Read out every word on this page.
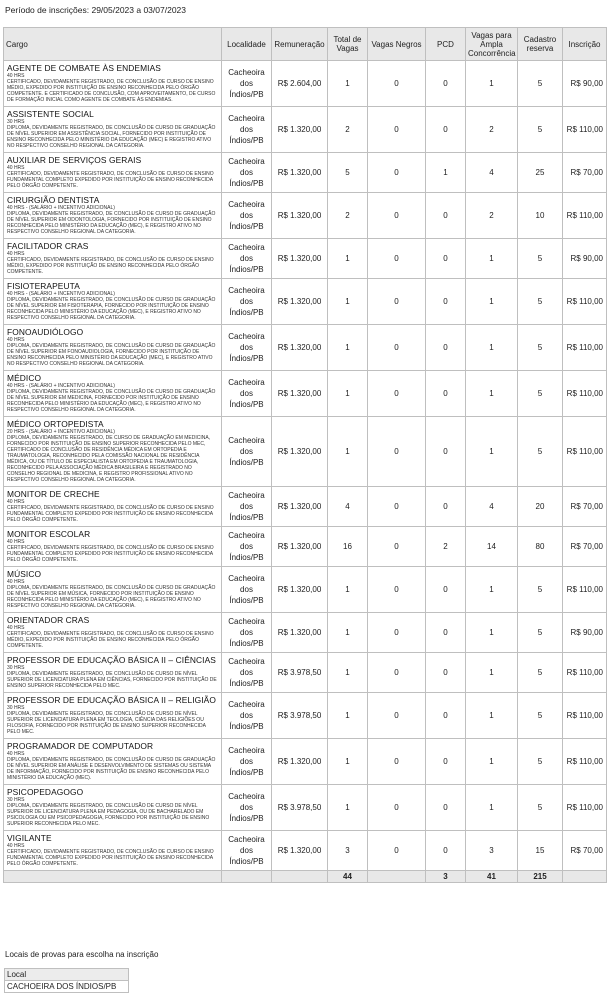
Período de inscrições: 29/05/2023 a 03/07/2023
Cargo	Localidade	Remuneração	Total de Vagas	Vagas Negros	PCD	Vagas para Ampla Concorrência	Cadastro reserva	Inscrição

AGENTE DE COMBATE ÀS ENDEMIAS
40 HRS
CERTIFICADO, DEVIDAMENTE REGISTRADO, DE CONCLUSÃO DE CURSO DE ENSINO MÉDIO, EXPEDIDO POR INSTITUIÇÃO DE ENSINO RECONHECIDA PELO ÓRGÃO COMPETENTE. E CERTIFICADO DE CONCLUSÃO, COM APROVEITAMENTO, DE CURSO DE FORMAÇÃO INICIAL COMO AGENTE DE COMBATE ÀS ENDEMIAS.	Cacheoira dos Índios/PB	R$ 2.604,00	1	0	0	1	5	R$ 90,00

ASSISTENTE SOCIAL
30 HRS
DIPLOMA, DEVIDAMENTE REGISTRADO, DE CONCLUSÃO DE CURSO DE GRADUAÇÃO DE NÍVEL SUPERIOR EM ASSISTÊNCIA SOCIAL, FORNECIDO POR INSTITUIÇÃO DE ENSINO RECONHECIDA PELO MINISTÉRIO DA EDUCAÇÃO (MEC) E REGISTRO ATIVO NO RESPECTIVO CONSELHO REGIONAL DA CATEGORIA.	Cacheoira dos Índios/PB	R$ 1.320,00	2	0	0	2	5	R$ 110,00

AUXILIAR DE SERVIÇOS GERAIS
40 HRS
CERTIFICADO, DEVIDAMENTE REGISTRADO, DE CONCLUSÃO DE CURSO DE ENSINO FUNDAMENTAL COMPLETO EXPEDIDO POR INSTITUIÇÃO DE ENSINO RECONHECIDA PELO ÓRGÃO COMPETENTE.	Cacheoira dos Índios/PB	R$ 1.320,00	5	0	1	4	25	R$ 70,00

CIRURGIÃO DENTISTA
40 HRS - (SALÁRIO + INCENTIVO ADICIONAL)
DIPLOMA, DEVIDAMENTE REGISTRADO, DE CONCLUSÃO DE CURSO DE GRADUAÇÃO DE NÍVEL SUPERIOR EM ODONTOLOGIA, FORNECIDO POR INSTITUIÇÃO DE ENSINO RECONHECIDA PELO MINISTÉRIO DA EDUCAÇÃO (MEC), E REGISTRO ATIVO NO RESPECTIVO CONSELHO REGIONAL DA CATEGORIA.	Cacheoira dos Índios/PB	R$ 1.320,00	2	0	0	2	10	R$ 110,00

FACILITADOR CRAS
40 HRS
CERTIFICADO, DEVIDAMENTE REGISTRADO, DE CONCLUSÃO DE CURSO DE ENSINO MÉDIO, EXPEDIDO POR INSTITUIÇÃO DE ENSINO RECONHECIDA PELO ÓRGÃO COMPETENTE.	Cacheoira dos Índios/PB	R$ 1.320,00	1	0	0	1	5	R$ 90,00

FISIOTERAPEUTA
40 HRS - (SALÁRIO + INCENTIVO ADICIONAL)
DIPLOMA, DEVIDAMENTE REGISTRADO, DE CONCLUSÃO DE CURSO DE GRADUAÇÃO DE NÍVEL SUPERIOR EM FISIOTERAPIA, FORNECIDO POR INSTITUIÇÃO DE ENSINO RECONHECIDA PELO MINISTÉRIO DA EDUCAÇÃO (MEC), E REGISTRO ATIVO NO RESPECTIVO CONSELHO REGIONAL DA CATEGORIA.	Cacheoira dos Índios/PB	R$ 1.320,00	1	0	0	1	5	R$ 110,00

FONOAUDIÓLOGO
40 HRS
DIPLOMA, DEVIDAMENTE REGISTRADO, DE CONCLUSÃO DE CURSO DE GRADUAÇÃO DE NÍVEL SUPERIOR EM FONOAUDIOLOGIA, FORNECIDO POR INSTITUIÇÃO DE ENSINO RECONHECIDA PELO MINISTÉRIO DA EDUCAÇÃO (MEC), E REGISTRO ATIVO NO RESPECTIVO CONSELHO REGIONAL DA CATEGORIA.	Cacheoira dos Índios/PB	R$ 1.320,00	1	0	0	1	5	R$ 110,00

MÉDICO
40 HRS - (SALÁRIO + INCENTIVO ADICIONAL)
DIPLOMA, DEVIDAMENTE REGISTRADO, DE CONCLUSÃO DE CURSO DE GRADUAÇÃO DE NÍVEL SUPERIOR EM MEDICINA, FORNECIDO POR INSTITUIÇÃO DE ENSINO RECONHECIDA PELO MINISTÉRIO DA EDUCAÇÃO (MEC), E REGISTRO ATIVO NO RESPECTIVO CONSELHO REGIONAL DA CATEGORIA.	Cacheoira dos Índios/PB	R$ 1.320,00	1	0	0	1	5	R$ 110,00

MÉDICO ORTOPEDISTA
20 HRS - (SALÁRIO + INCENTIVO ADICIONAL)
DIPLOMA, DEVIDAMENTE REGISTRADO, DE CURSO DE GRADUAÇÃO EM MEDICINA, FORNECIDO POR INSTITUIÇÃO DE ENSINO SUPERIOR RECONHECIDA PELO MEC, CERTIFICADO DE CONCLUSÃO DE RESIDÊNCIA MÉDICA EM ORTOPEDIA E TRAUMATOLOGIA, RECONHECIDO PELA COMISSÃO NACIONAL DE RESIDÊNCIA MÉDICA, OU DE TÍTULO DE ESPECIALISTA EM ORTOPEDIA E TRAUMATOLOGIA, RECONHECIDO PELA ASSOCIAÇÃO MÉDICA BRASILEIRA E REGISTRADO NO CONSELHO REGIONAL DE MEDICINA, E REGISTRO PROFISSIONAL ATIVO NO RESPECTIVO CONSELHO REGIONAL DA CATEGORIA.	Cacheoira dos Índios/PB	R$ 1.320,00	1	0	0	1	5	R$ 110,00

MONITOR DE CRECHE
40 HRS
CERTIFICADO, DEVIDAMENTE REGISTRADO, DE CONCLUSÃO DE CURSO DE ENSINO FUNDAMENTAL COMPLETO EXPEDIDO POR INSTITUIÇÃO DE ENSINO RECONHECIDA PELO ÓRGÃO COMPETENTE.	Cacheoira dos Índios/PB	R$ 1.320,00	4	0	0	4	20	R$ 70,00

MONITOR ESCOLAR
40 HRS
CERTIFICADO, DEVIDAMENTE REGISTRADO, DE CONCLUSÃO DE CURSO DE ENSINO FUNDAMENTAL COMPLETO EXPEDIDO POR INSTITUIÇÃO DE ENSINO RECONHECIDA PELO ÓRGÃO COMPETENTE.	Cacheoira dos Índios/PB	R$ 1.320,00	16	0	2	14	80	R$ 70,00

MÚSICO
40 HRS
DIPLOMA, DEVIDAMENTE REGISTRADO, DE CONCLUSÃO DE CURSO DE GRADUAÇÃO DE NÍVEL SUPERIOR EM MÚSICA, FORNECIDO POR INSTITUIÇÃO DE ENSINO RECONHECIDA PELO MINISTÉRIO DA EDUCAÇÃO (MEC), E REGISTRO ATIVO NO RESPECTIVO CONSELHO REGIONAL DA CATEGORIA.	Cacheoira dos Índios/PB	R$ 1.320,00	1	0	0	1	5	R$ 110,00

ORIENTADOR CRAS
40 HRS
CERTIFICADO, DEVIDAMENTE REGISTRADO, DE CONCLUSÃO DE CURSO DE ENSINO MÉDIO, EXPEDIDO POR INSTITUIÇÃO DE ENSINO RECONHECIDA PELO ÓRGÃO COMPETENTE.	Cacheoira dos Índios/PB	R$ 1.320,00	1	0	0	1	5	R$ 90,00

PROFESSOR DE EDUCAÇÃO BÁSICA II – CIÊNCIAS
30 HRS
DIPLOMA, DEVIDAMENTE REGISTRADO, DE CONCLUSÃO DE CURSO DE NÍVEL SUPERIOR DE LICENCIATURA PLENA EM CIÊNCIAS, FORNECIDO POR INSTITUIÇÃO DE ENSINO SUPERIOR RECONHECIDA PELO MEC.	Cacheoira dos Índios/PB	R$ 3.978,50	1	0	0	1	5	R$ 110,00

PROFESSOR DE EDUCAÇÃO BÁSICA II – RELIGIÃO
30 HRS
DIPLOMA, DEVIDAMENTE REGISTRADO, DE CONCLUSÃO DE CURSO DE NÍVEL SUPERIOR DE LICENCIATURA PLENA EM TEOLOGIA, CIÊNCIA DAS RELIGIÕES OU FILOSOFIA, FORNECIDO POR INSTITUIÇÃO DE ENSINO SUPERIOR RECONHECIDA PELO MEC.	Cacheoira dos Índios/PB	R$ 3.978,50	1	0	0	1	5	R$ 110,00

PROGRAMADOR DE COMPUTADOR
40 HRS
DIPLOMA, DEVIDAMENTE REGISTRADO, DE CONCLUSÃO DE CURSO DE GRADUAÇÃO DE NÍVEL SUPERIOR EM ANÁLISE E DESENVOLVIMENTO DE SISTEMAS OU SISTEMA DE INFORMAÇÃO, FORNECIDO POR INSTITUIÇÃO DE ENSINO RECONHECIDA PELO MINISTÉRIO DA EDUCAÇÃO (MEC).	Cacheoira dos Índios/PB	R$ 1.320,00	1	0	0	1	5	R$ 110,00

PSICOPEDAGOGO
30 HRS
DIPLOMA, DEVIDAMENTE REGISTRADO, DE CONCLUSÃO DE CURSO DE NÍVEL SUPERIOR DE LICENCIATURA PLENA EM PEDAGOGIA, OU DE BACHARELADO EM PSICOLOGIA OU EM PSICOPEDAGOGIA, FORNECIDO POR INSTITUIÇÃO DE ENSINO SUPERIOR RECONHECIDA PELO MEC.	Cacheoira dos Índios/PB	R$ 3.978,50	1	0	0	1	5	R$ 110,00

VIGILANTE
40 HRS
CERTIFICADO, DEVIDAMENTE REGISTRADO, DE CONCLUSÃO DE CURSO DE ENSINO FUNDAMENTAL COMPLETO EXPEDIDO POR INSTITUIÇÃO DE ENSINO RECONHECIDA PELO ÓRGÃO COMPETENTE.	Cacheoira dos Índios/PB	R$ 1.320,00	3	0	0	3	15	R$ 70,00
			44		3	41	215	
Locais de provas para escolha na inscrição
Local
CACHOEIRA DOS ÍNDIOS/PB
